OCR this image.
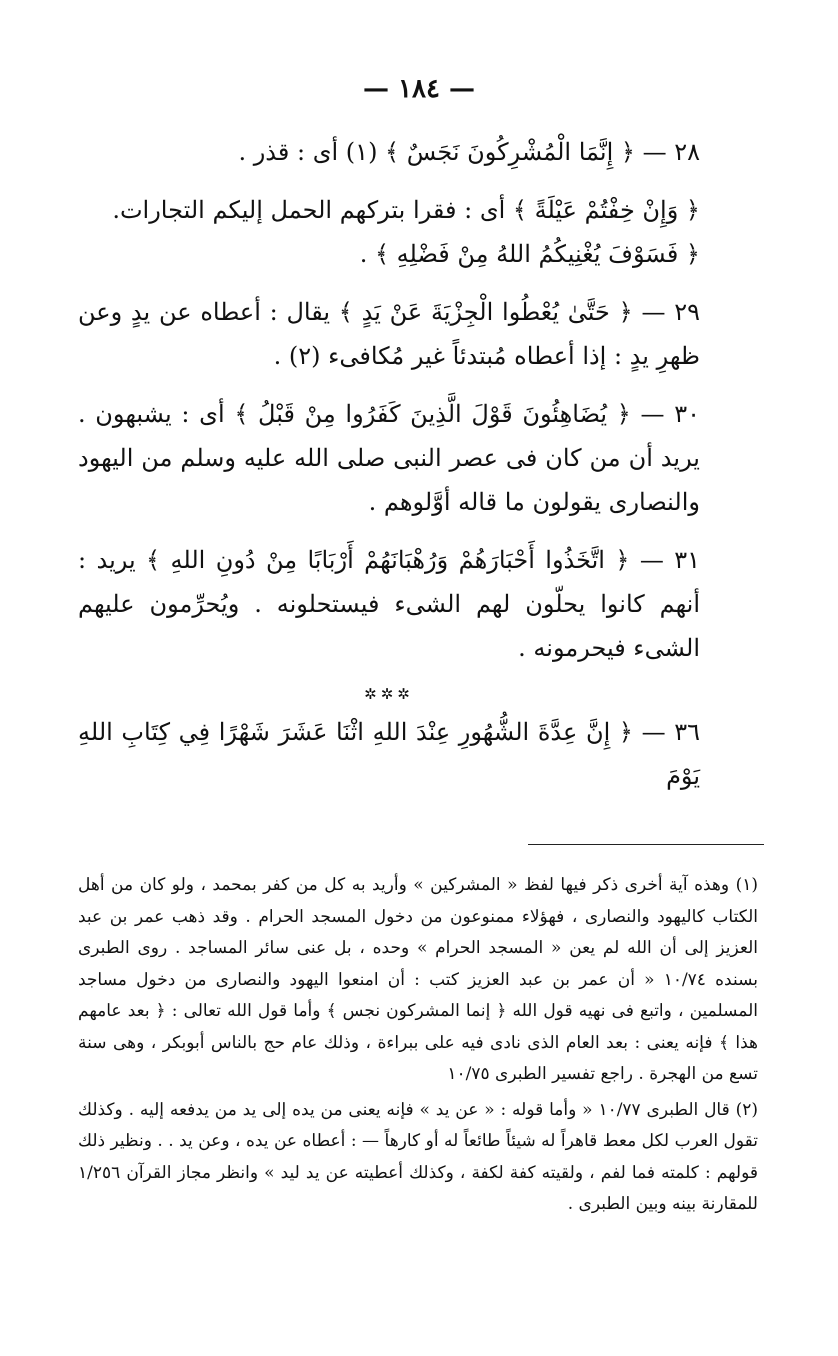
— ١٨٤ —

٢٨ — ﴿ إِنَّمَا الْمُشْرِكُونَ نَجَسٌ ﴾ (١) أى : قذر .

﴿ وَإِنْ خِفْتُمْ عَيْلَةً ﴾ أى : فقرا بتركهم الحمل إليكم التجارات.

﴿ فَسَوْفَ يُغْنِيكُمُ اللهُ مِنْ فَضْلِهِ ﴾ .

٢٩ — ﴿ حَتَّىٰ يُعْطُوا الْجِزْيَةَ عَنْ يَدٍ ﴾ يقال : أعطاه عن يدٍ وعن ظهرِ يدٍ : إذا أعطاه مُبتدئاً غير مُكافىء (٢) .

٣٠ — ﴿ يُضَاهِئُونَ قَوْلَ الَّذِينَ كَفَرُوا مِنْ قَبْلُ ﴾ أى : يشبهون . يريد أن من كان فى عصر النبى صلى الله عليه وسلم من اليهود والنصارى يقولون ما قاله أوَّلوهم .

٣١ — ﴿ اتَّخَذُوا أَحْبَارَهُمْ وَرُهْبَانَهُمْ أَرْبَابًا مِنْ دُونِ اللهِ ﴾ يريد : أنهم كانوا يحلّون لهم الشىء فيستحلونه . ويُحرِّمون عليهم الشىء فيحرمونه .

✲✲✲

٣٦ — ﴿ إِنَّ عِدَّةَ الشُّهُورِ عِنْدَ اللهِ اثْنَا عَشَرَ شَهْرًا فِي كِتَابِ اللهِ يَوْمَ

(١) وهذه آية أخرى ذكر فيها لفظ « المشركين » وأريد به كل من كفر بمحمد ، ولو كان من أهل الكتاب كاليهود والنصارى ، فهؤلاء ممنوعون من دخول المسجد الحرام . وقد ذهب عمر بن عبد العزيز إلى أن الله لم يعن « المسجد الحرام » وحده ، بل عنى سائر المساجد . روى الطبرى بسنده ١٠/٧٤ « أن عمر بن عبد العزيز كتب : أن امنعوا اليهود والنصارى من دخول مساجد المسلمين ، واتبع فى نهيه قول الله ﴿ إنما المشركون نجس ﴾ وأما قول الله تعالى : ﴿ بعد عامهم هذا ﴾ فإنه يعنى : بعد العام الذى نادى فيه على ببراءة ، وذلك عام حج بالناس أبوبكر ، وهى سنة تسع من الهجرة . راجع تفسير الطبرى ١٠/٧٥

(٢) قال الطبرى ١٠/٧٧ « وأما قوله : « عن يد » فإنه يعنى من يده إلى يد من يدفعه إليه . وكذلك تقول العرب لكل معط قاهراً له شيئاً طائعاً له أو كارهاً — : أعطاه عن يده ، وعن يد . . ونظير ذلك قولهم : كلمته فما لفم ، ولقيته كفة لكفة ، وكذلك أعطيته عن يد ليد » وانظر مجاز القرآن ١/٢٥٦ للمقارنة بينه وبين الطبرى .
